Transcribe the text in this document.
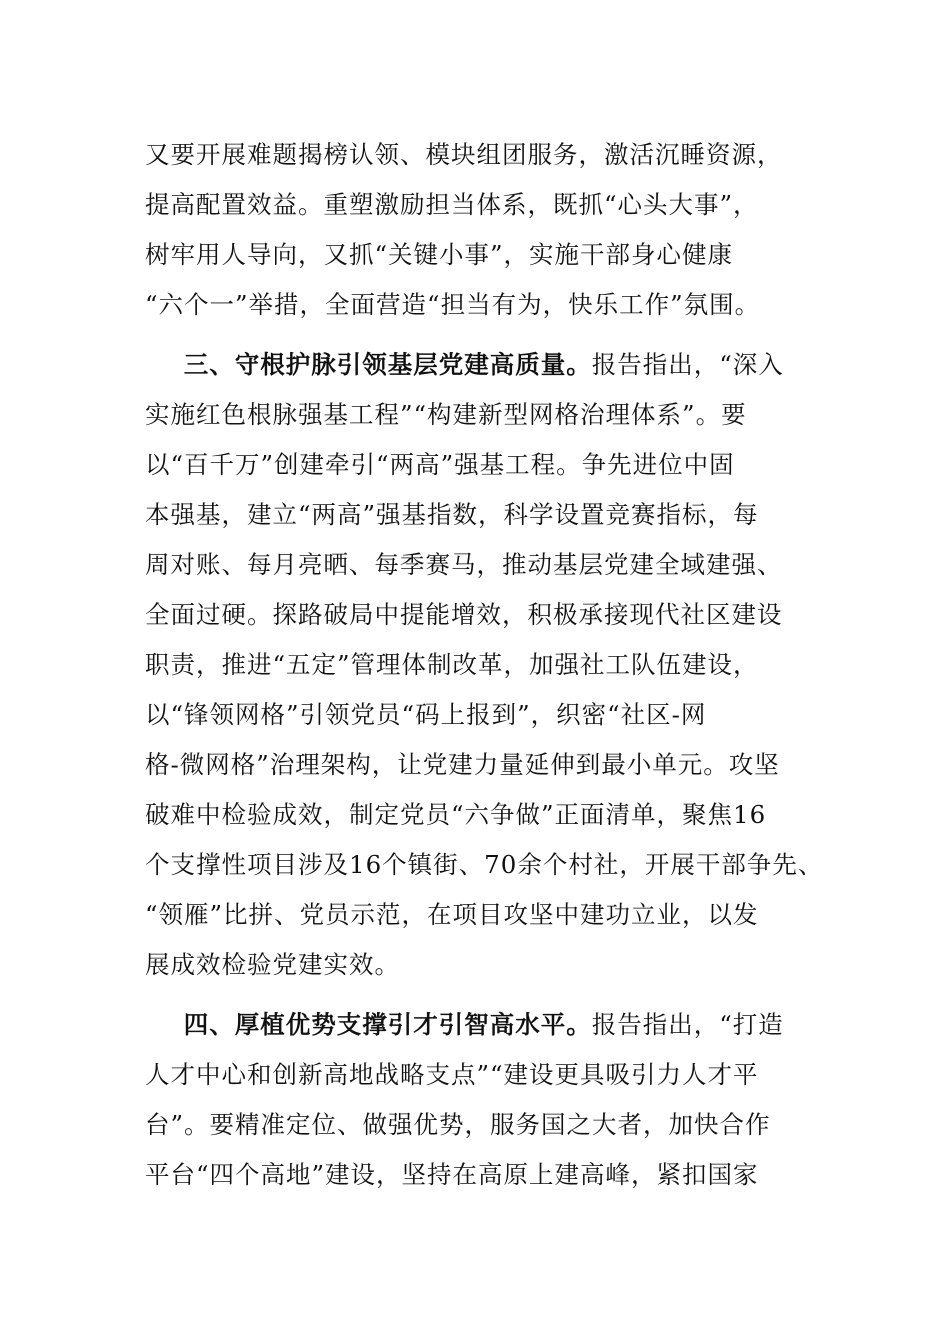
又要开展难题揭榜认领、模块组团服务，激活沉睡资源，
提高配置效益。重塑激励担当体系，既抓“心头大事”，
树牢用人导向，又抓“关键小事”，实施干部身心健康
“六个一”举措，全面营造“担当有为，快乐工作”氛围。
  三、守根护脉引领基层党建高质量。报告指出，“深入
实施红色根脉强基工程”“构建新型网格治理体系”。要
以“百千万”创建牵引“两高”强基工程。争先进位中固
本强基，建立“两高”强基指数，科学设置竞赛指标，每
周对账、每月亮晒、每季赛马，推动基层党建全域建强、
全面过硬。探路破局中提能增效，积极承接现代社区建设
职责，推进“五定”管理体制改革，加强社工队伍建设，
以“锋领网格”引领党员“码上报到”，织密“社区-网
格-微网格”治理架构，让党建力量延伸到最小单元。攻坚
破难中检验成效，制定党员“六争做”正面清单，聚焦16
个支撑性项目涉及16个镇街、70余个村社，开展干部争先、
“领雁”比拼、党员示范，在项目攻坚中建功立业，以发
展成效检验党建实效。
  四、厚植优势支撑引才引智高水平。报告指出，“打造
人才中心和创新高地战略支点”“建设更具吸引力人才平
台”。要精准定位、做强优势，服务国之大者，加快合作
平台“四个高地”建设，坚持在高原上建高峰，紧扣国家
